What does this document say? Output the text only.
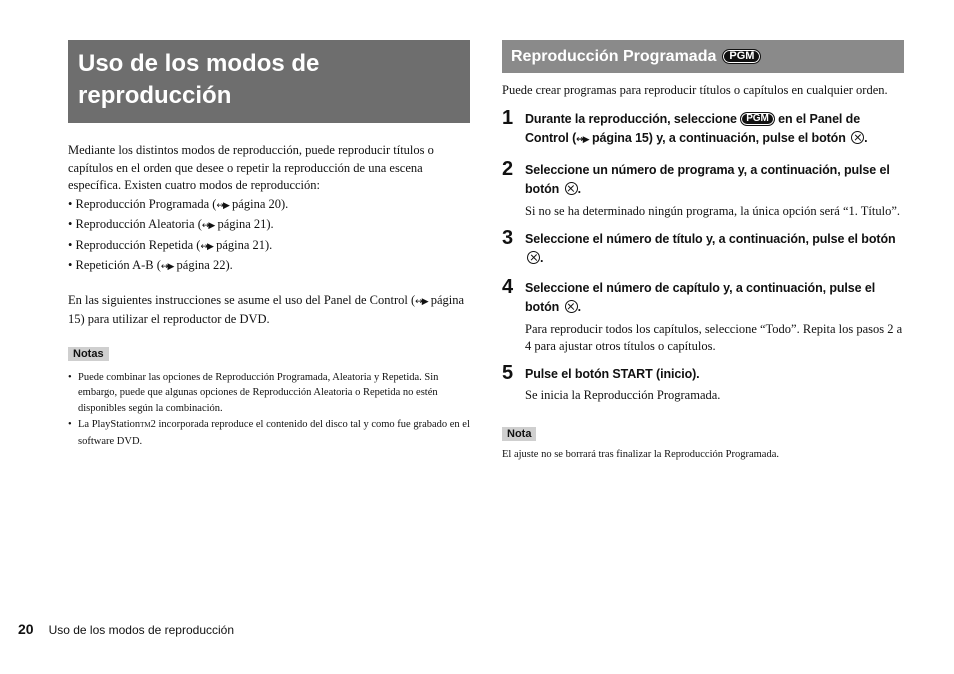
Uso de los modos de reproducción

Mediante los distintos modos de reproducción, puede reproducir títulos o capítulos en el orden que desee o repetir la reproducción de una escena específica. Existen cuatro modos de reproducción:

• Reproducción Programada (↔▶ página 20).
• Reproducción Aleatoria (↔▶ página 21).
• Reproducción Repetida (↔▶ página 21).
• Repetición A-B (↔▶ página 22).

En las siguientes instrucciones se asume el uso del Panel de Control (↔▶ página 15) para utilizar el reproductor de DVD.

Notas
• Puede combinar las opciones de Reproducción Programada, Aleatoria y Repetida. Sin embargo, puede que algunas opciones de Reproducción Aleatoria o Repetida no estén disponibles según la combinación.
• La PlayStationTM2 incorporada reproduce el contenido del disco tal y como fue grabado en el software DVD.
Reproducción Programada	PGM

Puede crear programas para reproducir títulos o capítulos en cualquier orden.

1 Durante la reproducción, seleccione PGM en el Panel de Control (↔▶ página 15) y, a continuación, pulse el botón .
2 Seleccione un número de programa y, a continuación, pulse el botón .

Si no se ha determinado ningún programa, la única opción será “1. Título”.

3 Seleccione el número de título y, a continuación, pulse el botón .
4 Seleccione el número de capítulo y, a continuación, pulse el botón .

Para reproducir todos los capítulos, seleccione “Todo”. Repita los pasos 2 a 4 para ajustar otros títulos o capítulos.

5 Pulse el botón START (inicio).

Se inicia la Reproducción Programada.

Nota

El ajuste no se borrará tras finalizar la Reproducción Programada.

20 Uso de los modos de reproducción
